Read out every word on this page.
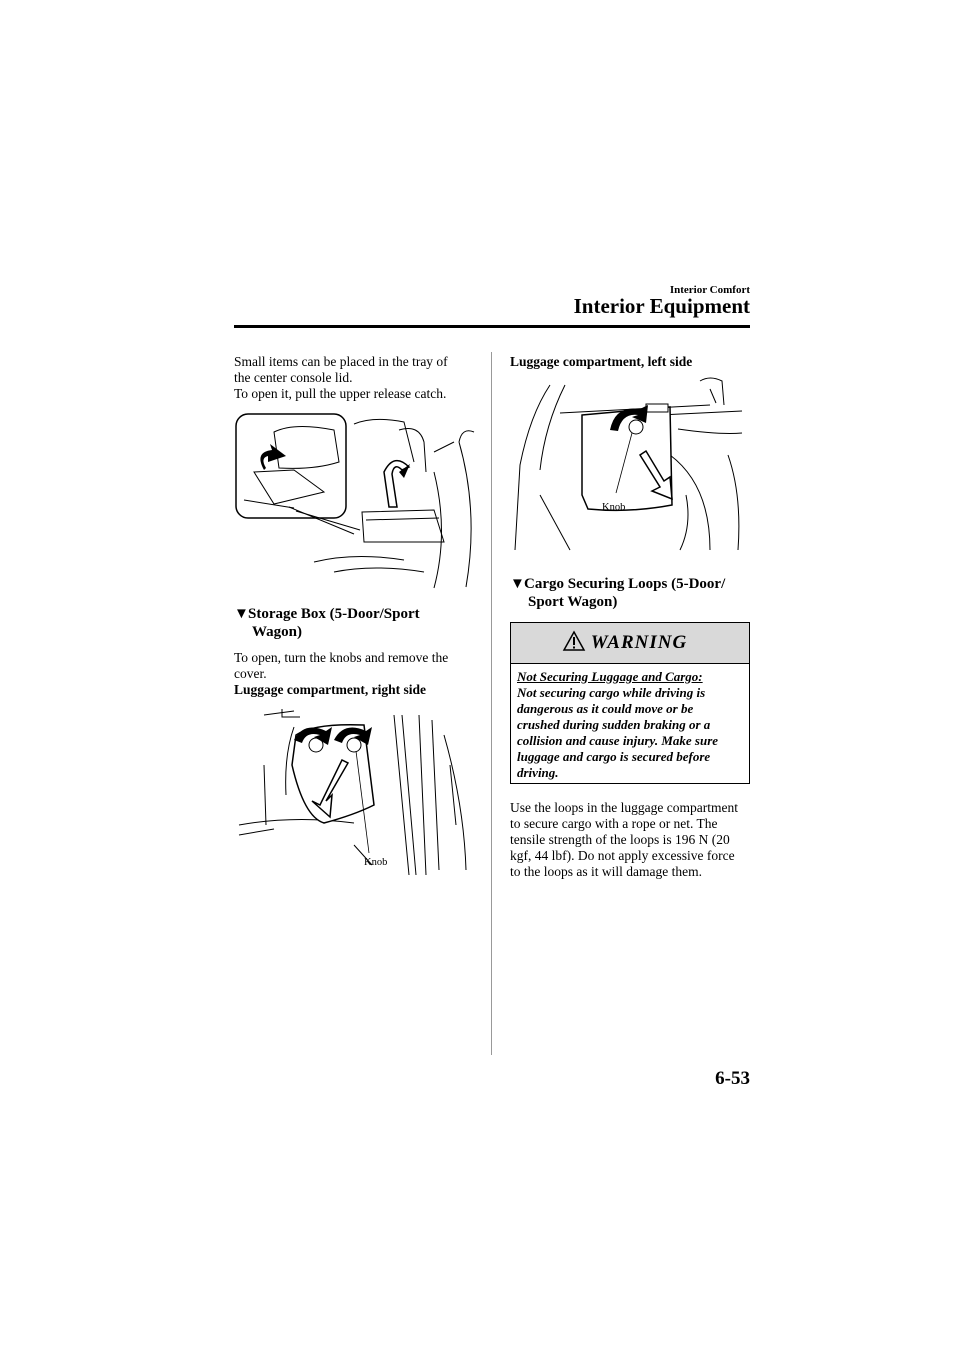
Interior Comfort
Interior Equipment
Small items can be placed in the tray of
the center console lid.
To open it, pull the upper release catch.
▼Storage Box (5-Door/Sport
Wagon)
To open, turn the knobs and remove the
cover.
Luggage compartment, right side
Knob
Luggage compartment, left side
Knob
▼Cargo Securing Loops (5-Door/
Sport Wagon)
WARNING
Not Securing Luggage and Cargo:
Not securing cargo while driving is
dangerous as it could move or be
crushed during sudden braking or a
collision and cause injury. Make sure
luggage and cargo is secured before
driving.
Use the loops in the luggage compartment
to secure cargo with a rope or net. The
tensile strength of the loops is 196 N (20
kgf, 44 lbf). Do not apply excessive force
to the loops as it will damage them.
6-53
